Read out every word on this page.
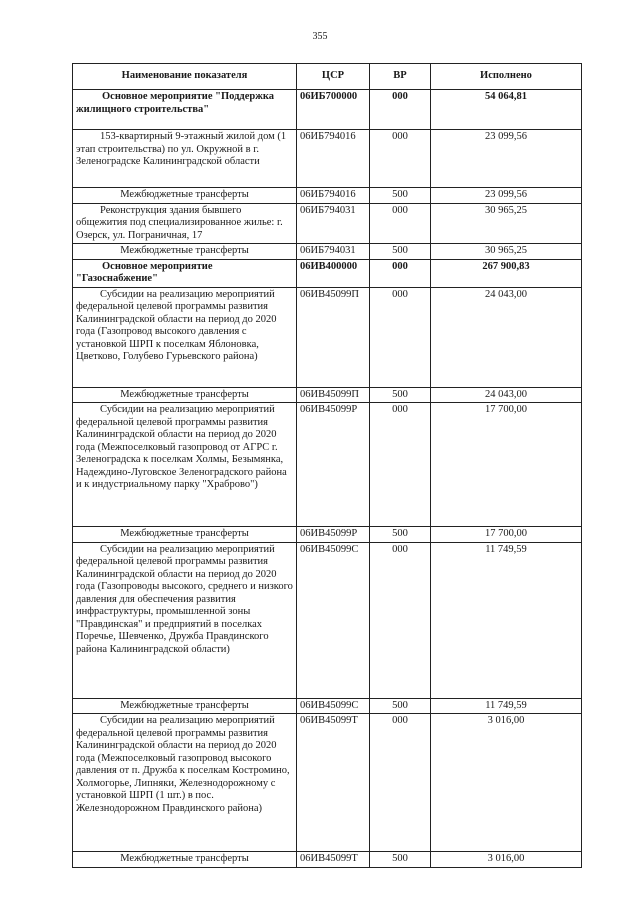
355
Наименование показателя	ЦСР	ВР	Исполнено
Основное мероприятие "Поддержка жилищного строительства"	06ИБ700000	000	54 064,81
153-квартирный 9-этажный жилой дом (1 этап строительства) по ул. Окружной в г. Зеленоградске Калининградской области	06ИБ794016	000	23 099,56
Межбюджетные трансферты	06ИБ794016	500	23 099,56
Реконструкция здания бывшего общежития под специализированное жилье: г. Озерск, ул. Пограничная, 17	06ИБ794031	000	30 965,25
Межбюджетные трансферты	06ИБ794031	500	30 965,25
Основное мероприятие "Газоснабжение"	06ИВ400000	000	267 900,83
Субсидии на реализацию мероприятий федеральной целевой программы развития Калининградской области на период до 2020 года (Газопровод высокого давления с установкой ШРП к поселкам Яблоновка, Цветково, Голубево Гурьевского района)	06ИВ45099П	000	24 043,00
Межбюджетные трансферты	06ИВ45099П	500	24 043,00
Субсидии на реализацию мероприятий федеральной целевой программы развития Калининградской области на период до 2020 года (Межпоселковый газопровод от АГРС г. Зеленоградска к поселкам Холмы, Безымянка, Надеждино-Луговское Зеленоградского района и к индустриальному парку "Храброво")	06ИВ45099Р	000	17 700,00
Межбюджетные трансферты	06ИВ45099Р	500	17 700,00
Субсидии на реализацию мероприятий федеральной целевой программы развития Калининградской области на период до 2020 года (Газопроводы высокого, среднего и низкого давления для обеспечения развития инфраструктуры, промышленной зоны "Правдинская" и предприятий в поселках Поречье, Шевченко, Дружба Правдинского района Калининградской области)	06ИВ45099С	000	11 749,59
Межбюджетные трансферты	06ИВ45099С	500	11 749,59
Субсидии на реализацию мероприятий федеральной целевой программы развития Калининградской области на период до 2020 года (Межпоселковый газопровод высокого давления от п. Дружба к поселкам Костромино, Холмогорье, Липняки, Железнодорожному с установкой ШРП (1 шт.) в пос. Железнодорожном Правдинского района)	06ИВ45099Т	000	3 016,00
Межбюджетные трансферты	06ИВ45099Т	500	3 016,00
